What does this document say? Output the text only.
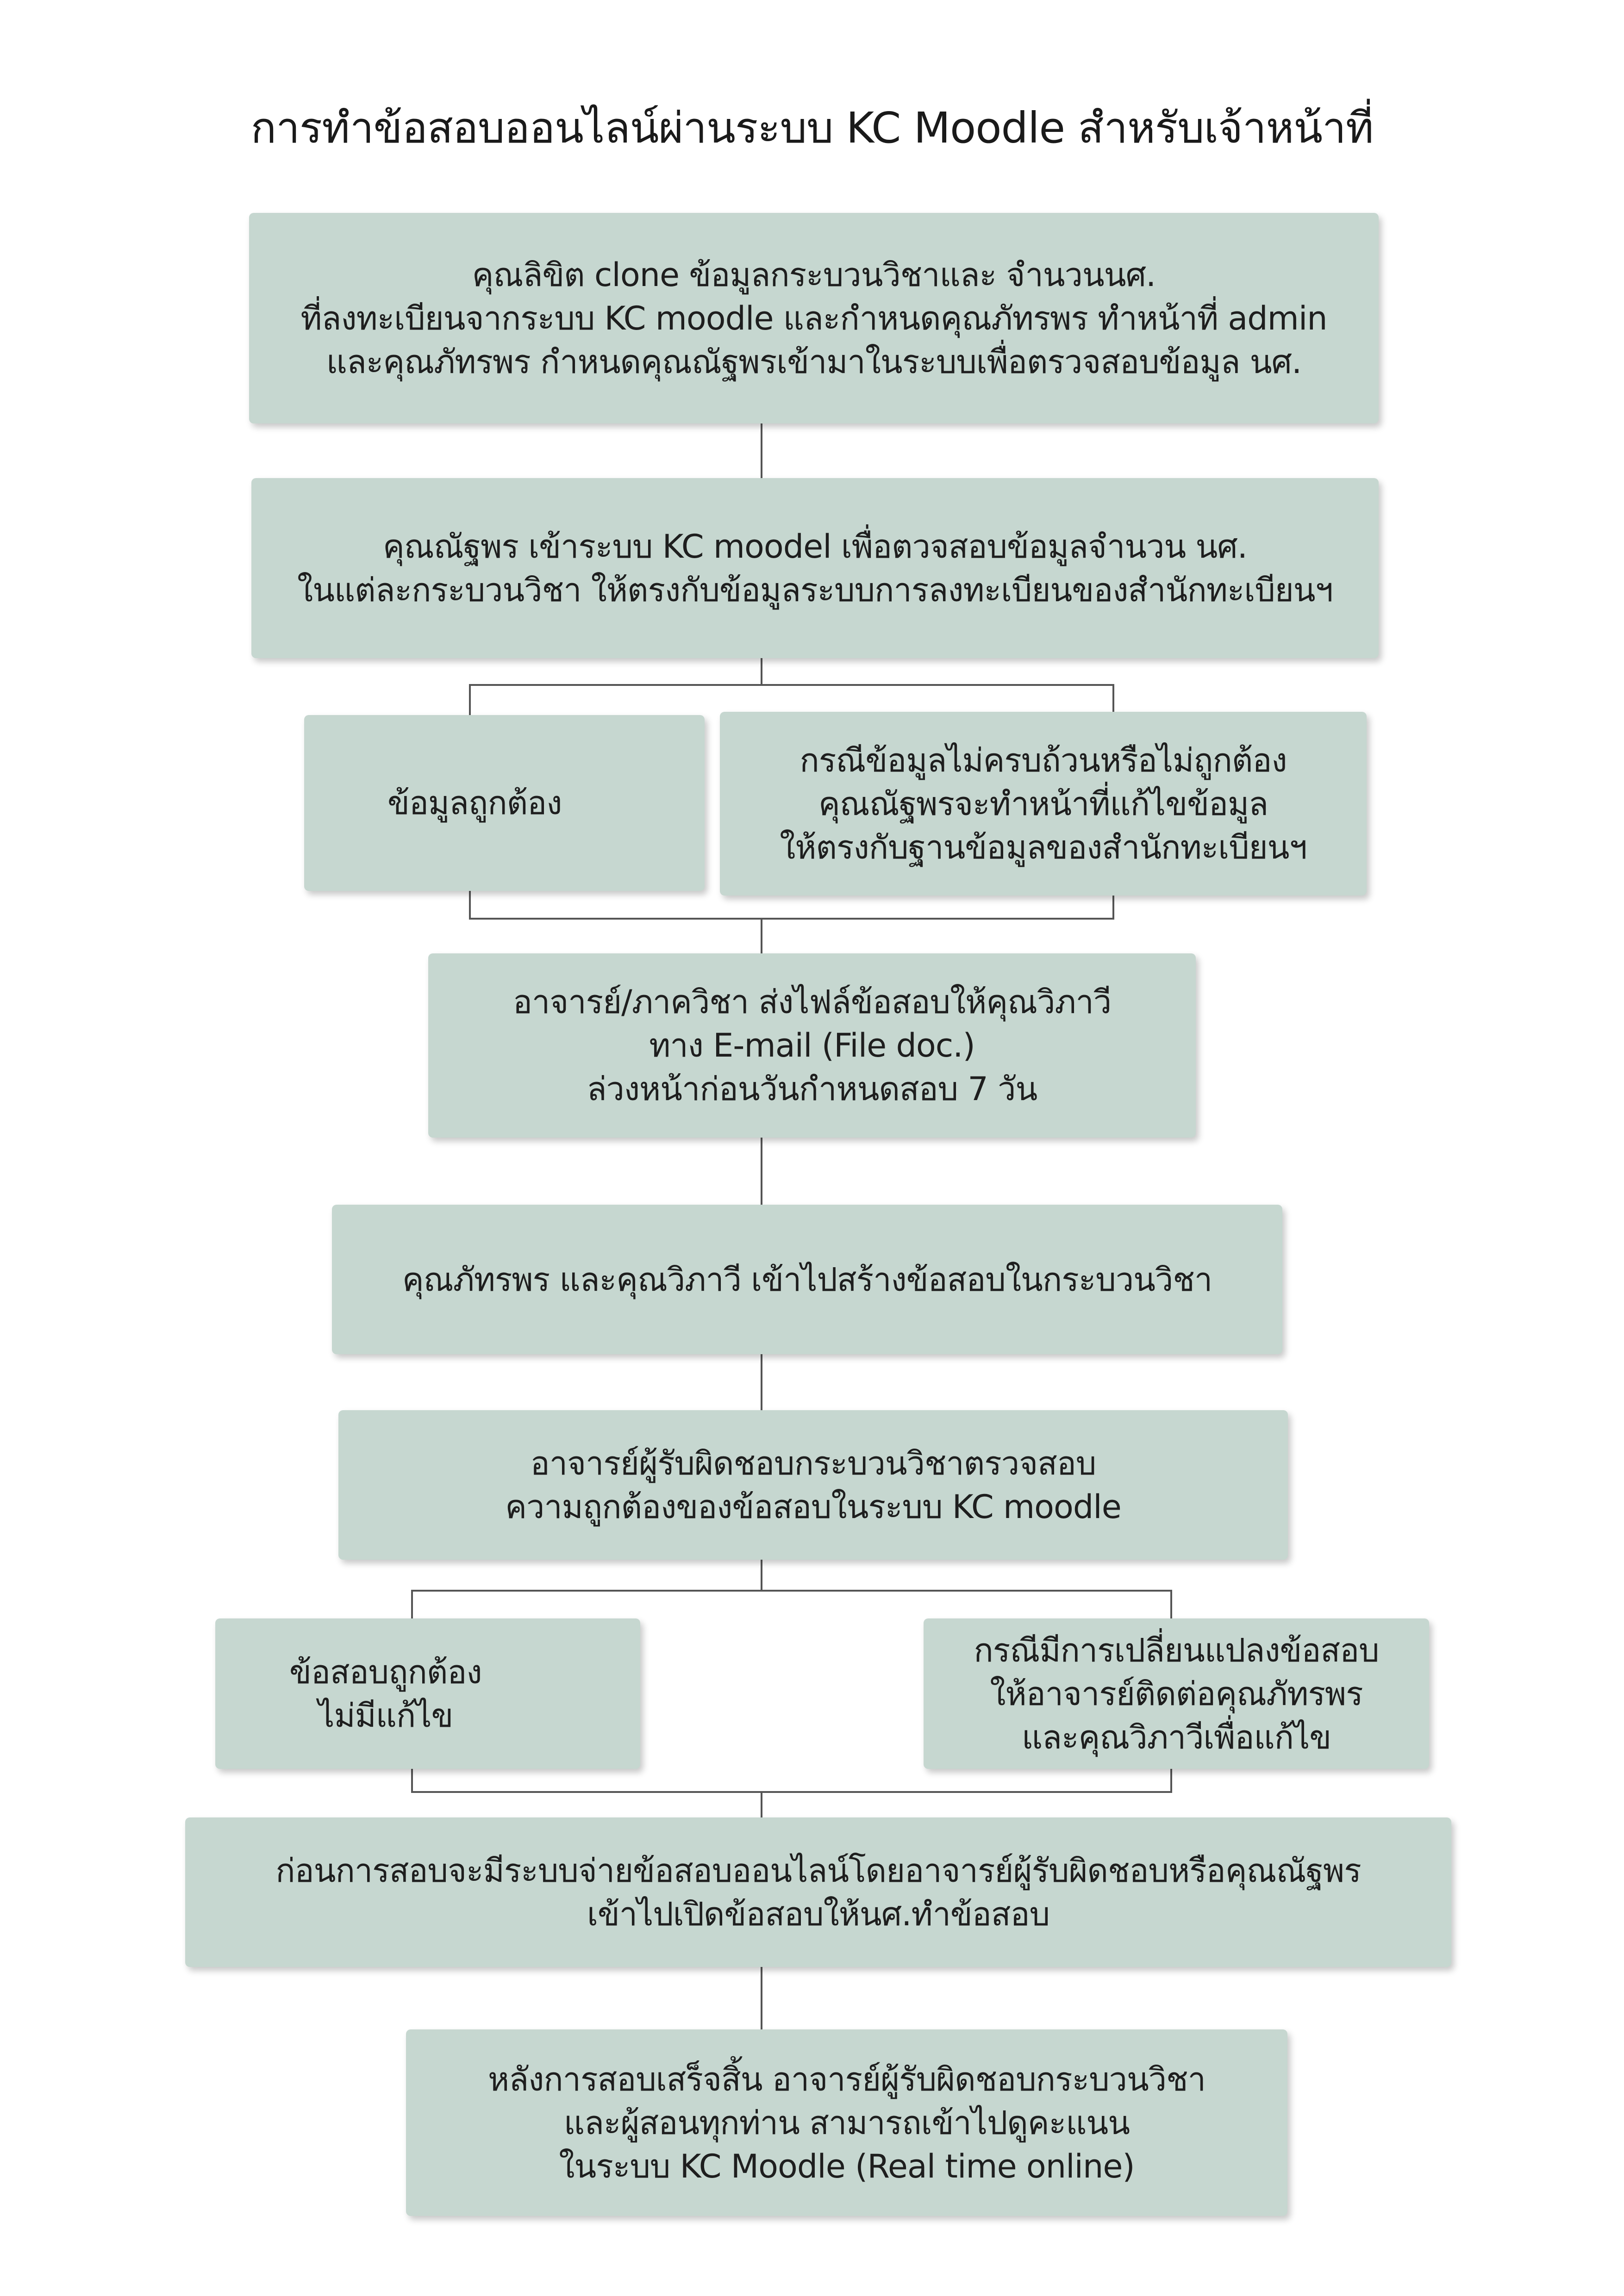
การทำข้อสอบออนไลน์ผ่านระบบ KC Moodle สำหรับเจ้าหน้าที่
คุณลิขิต clone ข้อมูลกระบวนวิชาและ จำนวนนศ.
ที่ลงทะเบียนจากระบบ KC moodle และกำหนดคุณภัทรพร ทำหน้าที่ admin
และคุณภัทรพร กำหนดคุณณัฐพรเข้ามาในระบบเพื่อตรวจสอบข้อมูล นศ.
คุณณัฐพร เข้าระบบ KC moodel เพื่อตวจสอบข้อมูลจำนวน นศ.
ในแต่ละกระบวนวิชา ให้ตรงกับข้อมูลระบบการลงทะเบียนของสำนักทะเบียนฯ
ข้อมูลถูกต้อง
กรณีข้อมูลไม่ครบถ้วนหรือไม่ถูกต้อง
คุณณัฐพรจะทำหน้าที่แก้ไขข้อมูล
ให้ตรงกับฐานข้อมูลของสำนักทะเบียนฯ
อาจารย์/ภาควิชา ส่งไฟล์ข้อสอบให้คุณวิภาวี
ทาง E-mail (File doc.)
ล่วงหน้าก่อนวันกำหนดสอบ 7 วัน
คุณภัทรพร และคุณวิภาวี เข้าไปสร้างข้อสอบในกระบวนวิชา
อาจารย์ผู้รับผิดชอบกระบวนวิชาตรวจสอบ
ความถูกต้องของข้อสอบในระบบ KC moodle
ข้อสอบถูกต้อง
ไม่มีแก้ไข
กรณีมีการเปลี่ยนแปลงข้อสอบ
ให้อาจารย์ติดต่อคุณภัทรพร
และคุณวิภาวีเพื่อแก้ไข
ก่อนการสอบจะมีระบบจ่ายข้อสอบออนไลน์โดยอาจารย์ผู้รับผิดชอบหรือคุณณัฐพร
เข้าไปเปิดข้อสอบให้นศ.ทำข้อสอบ
หลังการสอบเสร็จสิ้น อาจารย์ผู้รับผิดชอบกระบวนวิชา
และผู้สอนทุกท่าน สามารถเข้าไปดูคะแนน
ในระบบ KC Moodle (Real time online)
